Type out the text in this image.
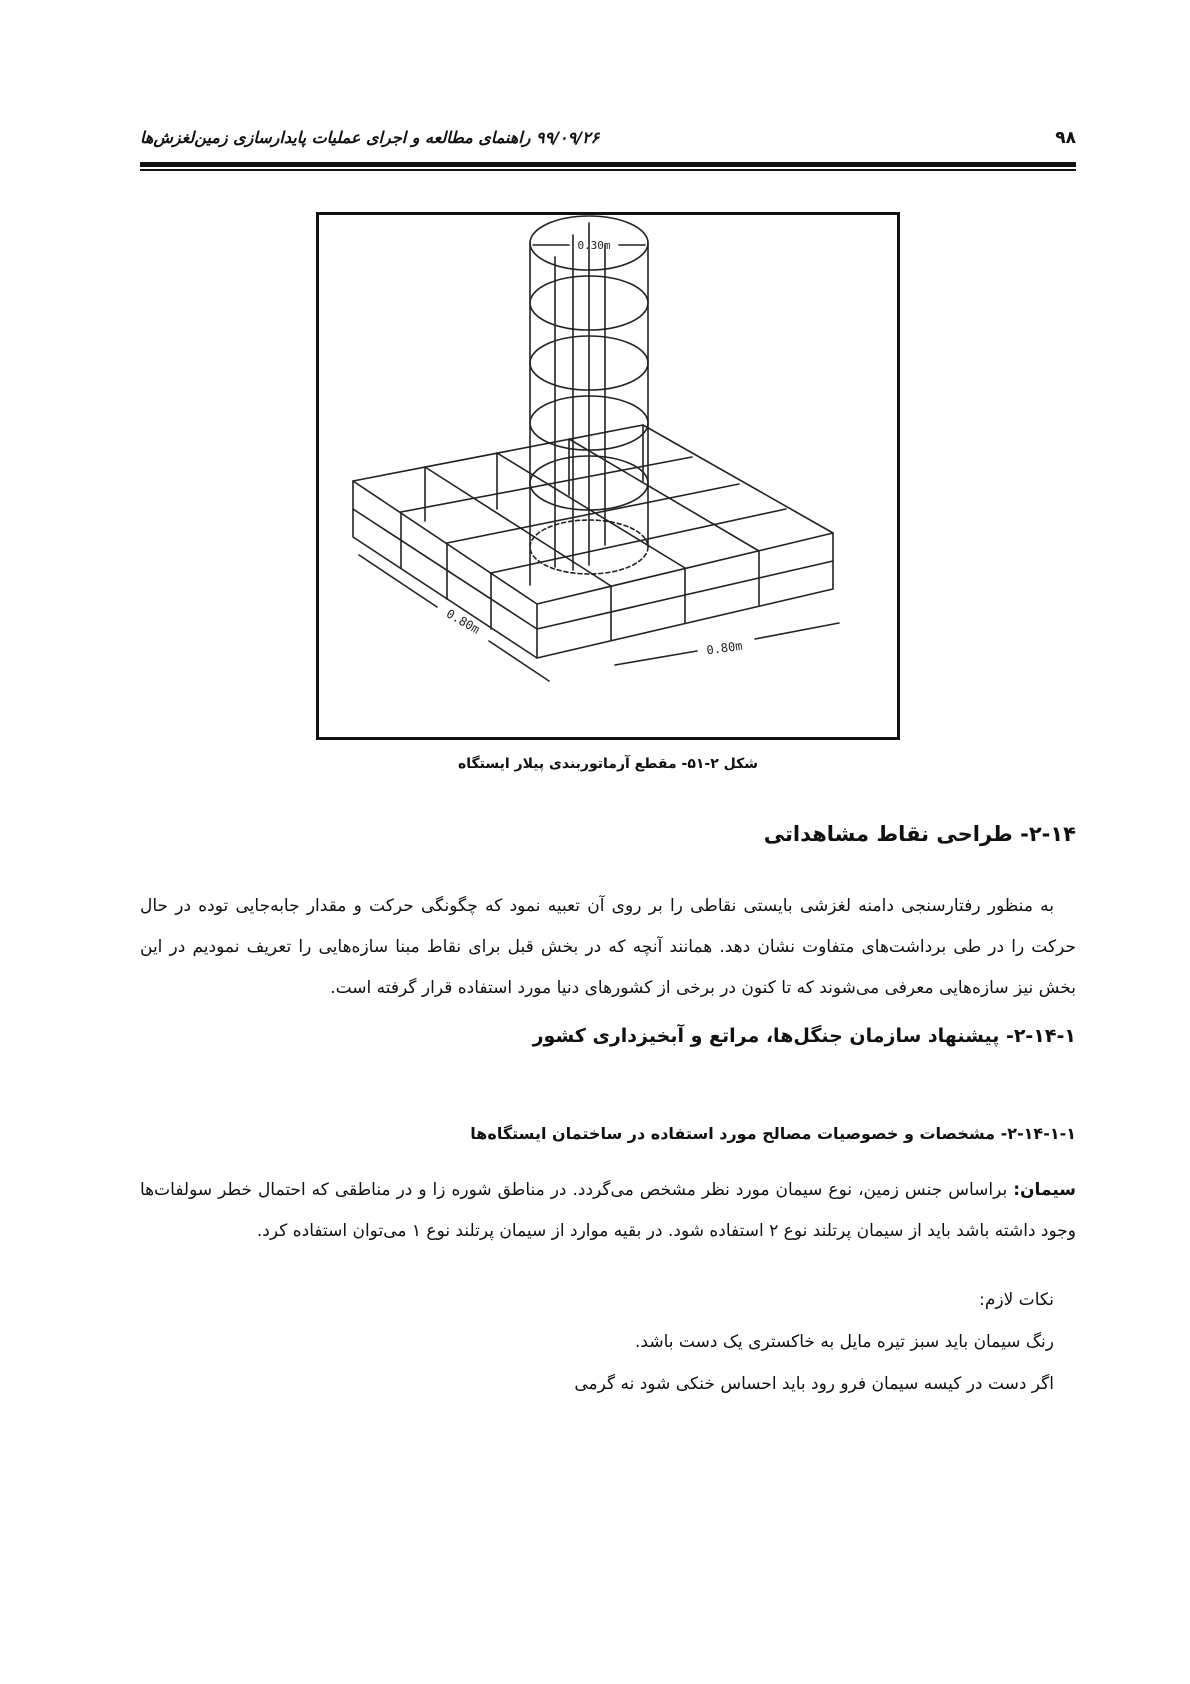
۹۸
۹۹/۰۹/۲۶ راهنمای مطالعه و اجرای عملیات پایدارسازی زمین‌لغزش‌ها
0.30m
0.80m
0.80m
شکل ۲-۵۱- مقطع آرماتوربندی پیلار ایستگاه
۲-۱۴- طراحی نقاط مشاهداتی
به منظور رفتارسنجی دامنه لغزشی بایستی نقاطی را بر روی آن تعبیه نمود که چگونگی حرکت و مقدار جابه‌جایی توده در حال حرکت را در طی برداشت‌های متفاوت نشان دهد. همانند آنچه که در بخش قبل برای نقاط مبنا سازه‌هایی را تعریف نمودیم در این بخش نیز سازه‌هایی معرفی می‌شوند که تا کنون در برخی از کشورهای دنیا مورد استفاده قرار گرفته است.
۲-۱۴-۱- پیشنهاد سازمان جنگل‌ها، مراتع و آبخیزداری کشور
۲-۱۴-۱-۱- مشخصات و خصوصیات مصالح مورد استفاده در ساختمان ایستگاه‌ها
سیمان: براساس جنس زمین، نوع سیمان مورد نظر مشخص می‌گردد. در مناطق شوره زا و در مناطقی که احتمال خطر سولفات‌ها وجود داشته باشد باید از سیمان پرتلند نوع ۲ استفاده شود. در بقیه موارد از سیمان پرتلند نوع ۱ می‌توان استفاده کرد.
نکات لازم:
رنگ سیمان باید سبز تیره مایل به خاکستری یک دست باشد.
اگر دست در کیسه سیمان فرو رود باید احساس خنکی شود نه گرمی
